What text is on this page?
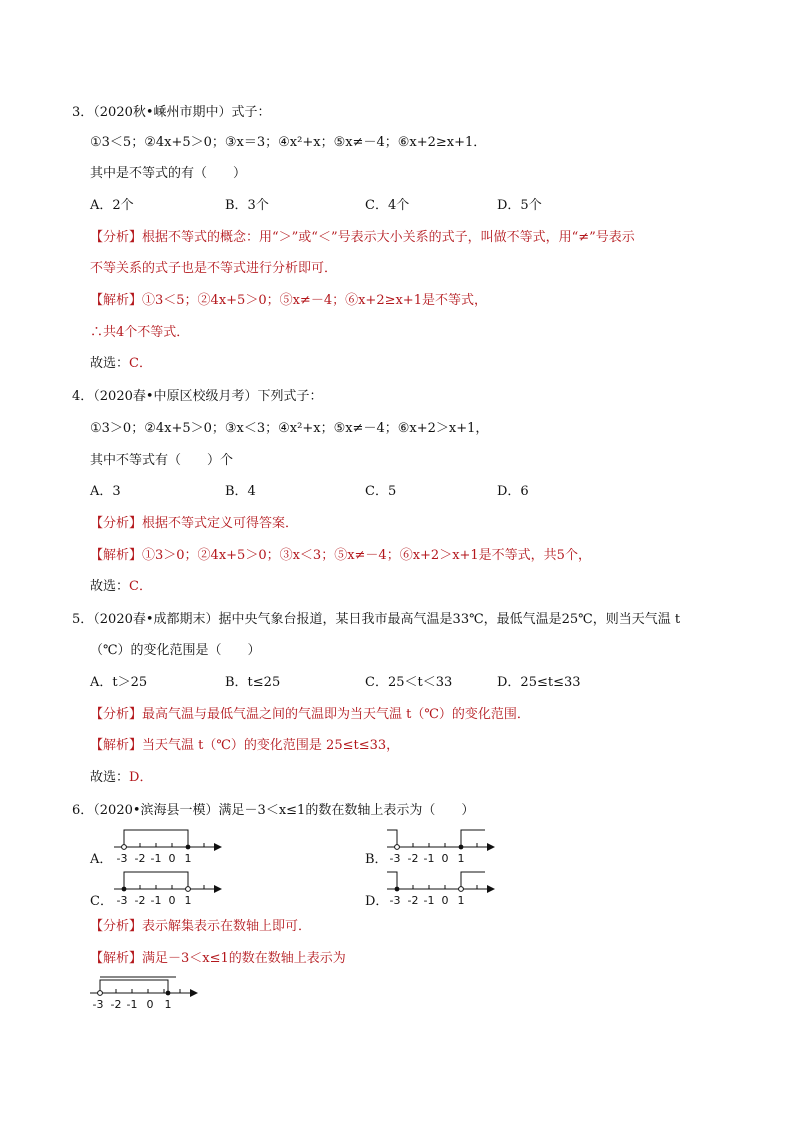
3．（2020秋•嵊州市期中）式子：
①3＜5；②4x+5＞0；③x＝3；④x²+x；⑤x≠－4；⑥x+2≥x+1．
其中是不等式的有（　　）
A．2个	B．3个	C．4个	D．5个
【分析】根据不等式的概念：用“＞”或“＜”号表示大小关系的式子，叫做不等式，用“≠”号表示
不等关系的式子也是不等式进行分析即可．
【解析】①3＜5；②4x+5＞0；⑤x≠－4；⑥x+2≥x+1是不等式，
∴共4个不等式．
故选：C．
4．（2020春•中原区校级月考）下列式子：
①3＞0；②4x+5＞0；③x＜3；④x²+x；⑤x≠－4；⑥x+2＞x+1，
其中不等式有（　　）个
A．3	B．4	C．5	D．6
【分析】根据不等式定义可得答案．
【解析】①3＞0；②4x+5＞0；③x＜3；⑤x≠－4；⑥x+2＞x+1是不等式，共5个，
故选：C．
5．（2020春•成都期末）据中央气象台报道，某日我市最高气温是33℃，最低气温是25℃，则当天气温 t
（℃）的变化范围是（　　）
A．t＞25	B．t≤25	C．25＜t＜33	D．25≤t≤33
【分析】最高气温与最低气温之间的气温即为当天气温 t（℃）的变化范围．
【解析】当天气温 t（℃）的变化范围是 25≤t≤33，
故选：D．
6．（2020•滨海县一模）满足－3＜x≤1的数在数轴上表示为（　　）
A． -3 -2 -1 0 1	B． -3 -2 -1 0 1
C． -3 -2 -1 0 1	D． -3 -2 -1 0 1
【分析】表示解集表示在数轴上即可．
【解析】满足－3＜x≤1的数在数轴上表示为
-3 -2 -1 0 1
